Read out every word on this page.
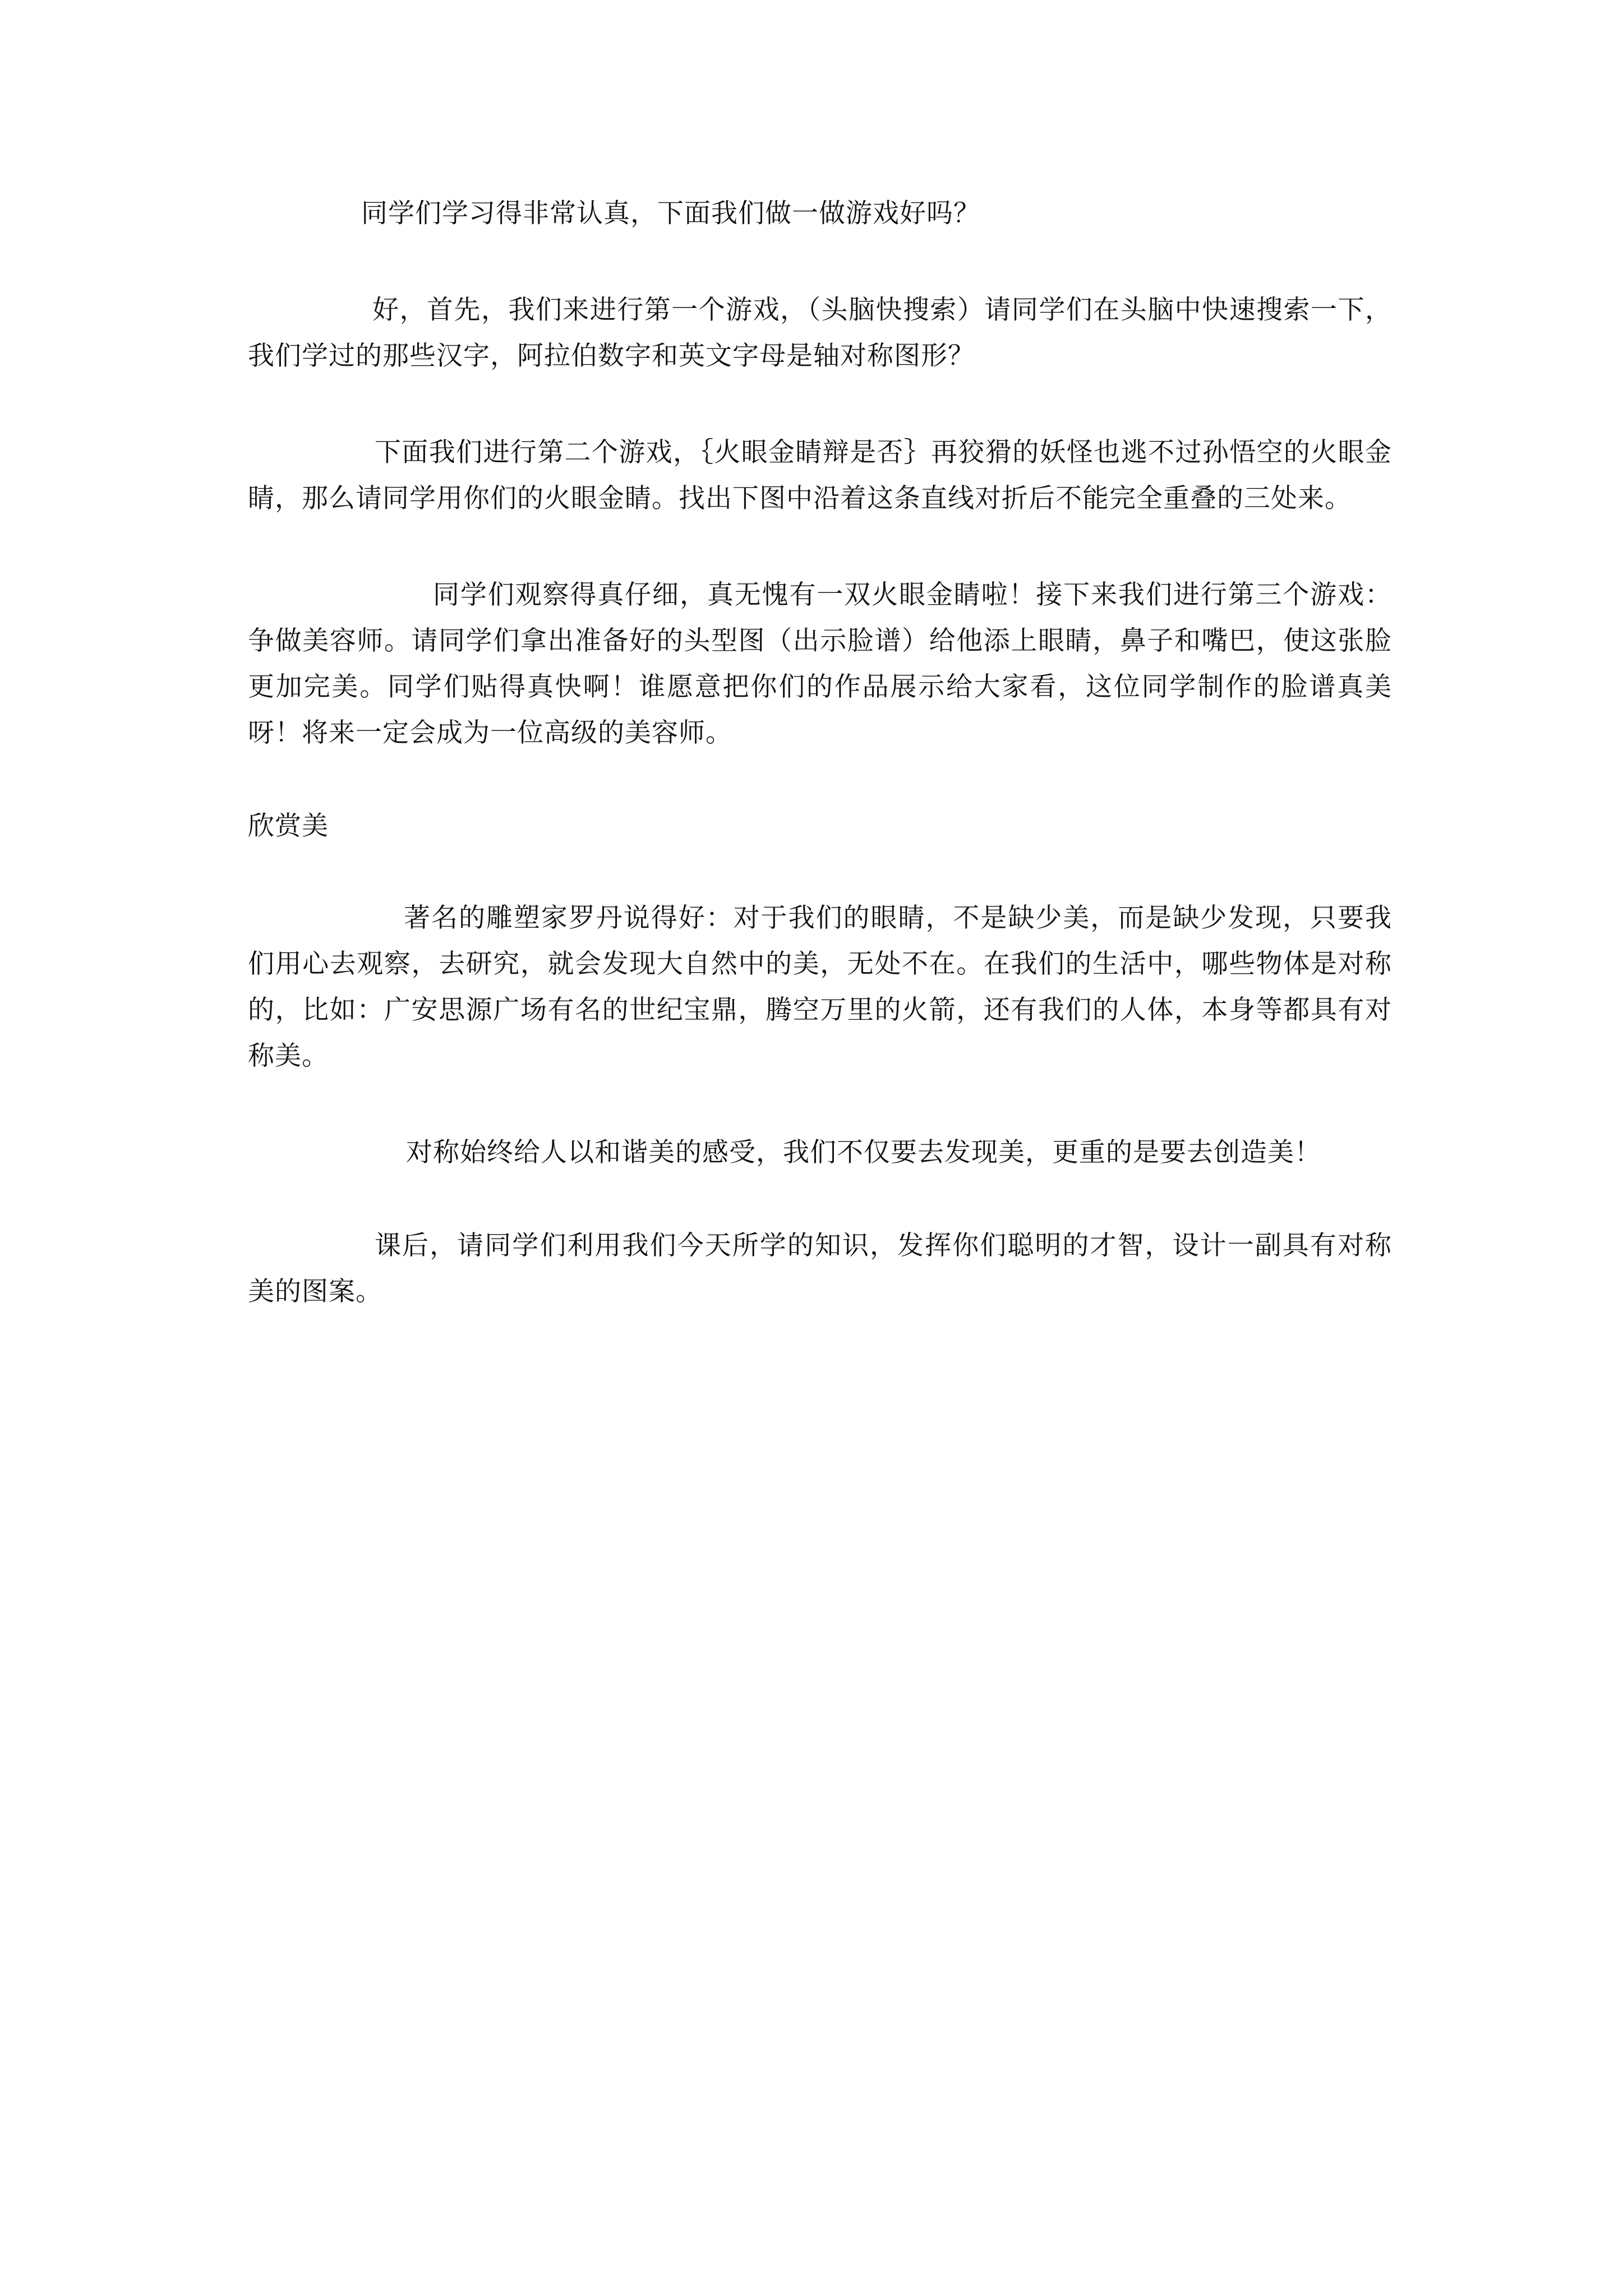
同学们学习得非常认真，下面我们做一做游戏好吗？

好，首先，我们来进行第一个游戏，（头脑快搜索）请同学们在头脑中快速搜索一下，我们学过的那些汉字，阿拉伯数字和英文字母是轴对称图形？

下面我们进行第二个游戏，｛火眼金睛辩是否｝再狡猾的妖怪也逃不过孙悟空的火眼金睛，那么请同学用你们的火眼金睛。找出下图中沿着这条直线对折后不能完全重叠的三处来。

同学们观察得真仔细，真无愧有一双火眼金睛啦！接下来我们进行第三个游戏：争做美容师。请同学们拿出准备好的头型图（出示脸谱）给他添上眼睛，鼻子和嘴巴，使这张脸更加完美。同学们贴得真快啊！谁愿意把你们的作品展示给大家看，这位同学制作的脸谱真美呀！将来一定会成为一位高级的美容师。

欣赏美

著名的雕塑家罗丹说得好：对于我们的眼睛，不是缺少美，而是缺少发现，只要我们用心去观察，去研究，就会发现大自然中的美，无处不在。在我们的生活中，哪些物体是对称的，比如：广安思源广场有名的世纪宝鼎，腾空万里的火箭，还有我们的人体，本身等都具有对称美。

对称始终给人以和谐美的感受，我们不仅要去发现美，更重的是要去创造美！

课后，请同学们利用我们今天所学的知识，发挥你们聪明的才智，设计一副具有对称美的图案。
